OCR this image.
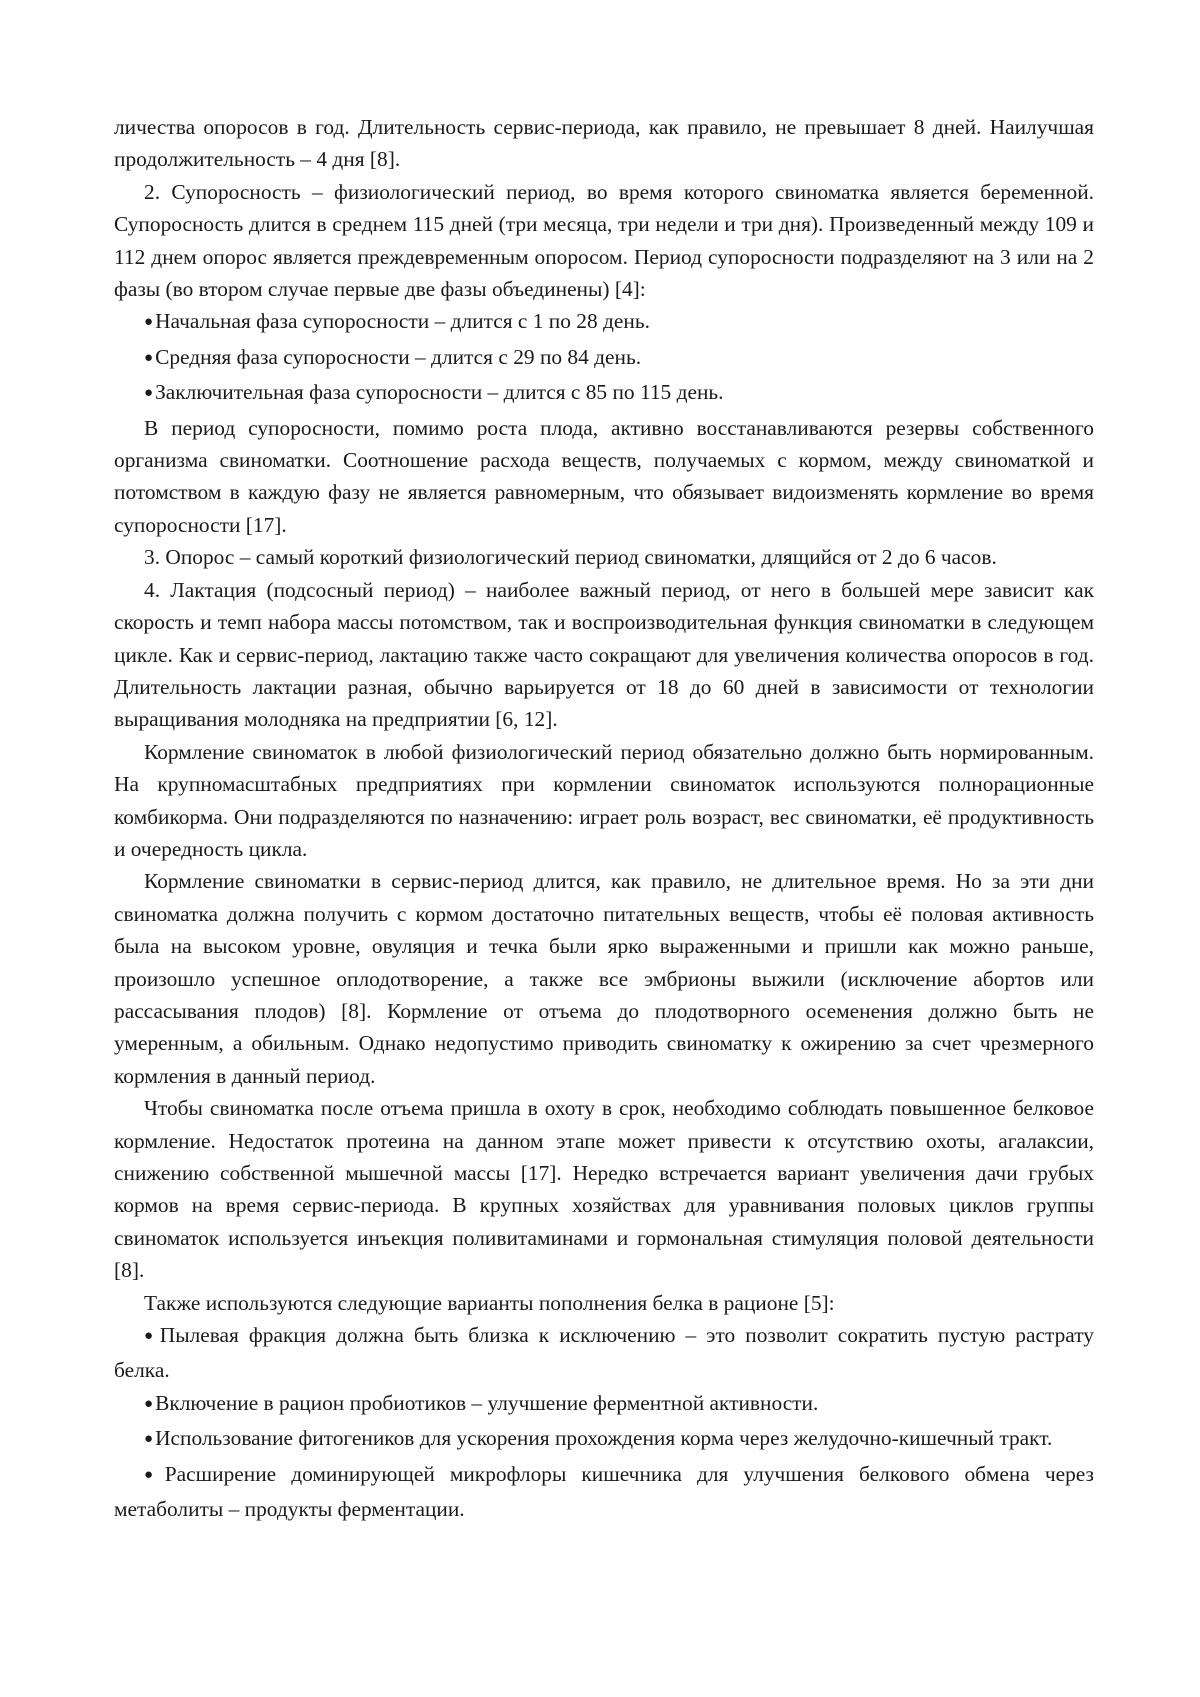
личества опоросов в год. Длительность сервис-периода, как правило, не превышает 8 дней. Наилучшая продолжительность – 4 дня [8].

2. Супоросность – физиологический период, во время которого свиноматка является беременной. Супоросность длится в среднем 115 дней (три месяца, три недели и три дня). Произведенный между 109 и 112 днем опорос является преждевременным опоросом. Период супоросности подразделяют на 3 или на 2 фазы (во втором случае первые две фазы объединены) [4]:

●Начальная фаза супоросности – длится с 1 по 28 день.

●Средняя фаза супоросности – длится с 29 по 84 день.

●Заключительная фаза супоросности – длится с 85 по 115 день.

В период супоросности, помимо роста плода, активно восстанавливаются резервы собственного организма свиноматки. Соотношение расхода веществ, получаемых с кормом, между свиноматкой и потомством в каждую фазу не является равномерным, что обязывает видоизменять кормление во время супоросности [17].

3. Опорос – самый короткий физиологический период свиноматки, длящийся от 2 до 6 часов.

4. Лактация (подсосный период) – наиболее важный период, от него в большей мере зависит как скорость и темп набора массы потомством, так и воспроизводительная функция свиноматки в следующем цикле. Как и сервис-период, лактацию также часто сокращают для увеличения количества опоросов в год. Длительность лактации разная, обычно варьируется от 18 до 60 дней в зависимости от технологии выращивания молодняка на предприятии [6, 12].

Кормление свиноматок в любой физиологический период обязательно должно быть нормированным. На крупномасштабных предприятиях при кормлении свиноматок используются полнорационные комбикорма. Они подразделяются по назначению: играет роль возраст, вес свиноматки, её продуктивность и очередность цикла.

Кормление свиноматки в сервис-период длится, как правило, не длительное время. Но за эти дни свиноматка должна получить с кормом достаточно питательных веществ, чтобы её половая активность была на высоком уровне, овуляция и течка были ярко выраженными и пришли как можно раньше, произошло успешное оплодотворение, а также все эмбрионы выжили (исключение абортов или рассасывания плодов) [8]. Кормление от отъема до плодотворного осеменения должно быть не умеренным, а обильным. Однако недопустимо приводить свиноматку к ожирению за счет чрезмерного кормления в данный период.

Чтобы свиноматка после отъема пришла в охоту в срок, необходимо соблюдать повышенное белковое кормление. Недостаток протеина на данном этапе может привести к отсутствию охоты, агалаксии, снижению собственной мышечной массы [17]. Нередко встречается вариант увеличения дачи грубых кормов на время сервис-периода. В крупных хозяйствах для уравнивания половых циклов группы свиноматок используется инъекция поливитаминами и гормональная стимуляция половой деятельности [8].

Также используются следующие варианты пополнения белка в рационе [5]:

●Пылевая фракция должна быть близка к исключению – это позволит сократить пустую растрату белка.

●Включение в рацион пробиотиков – улучшение ферментной активности.

●Использование фитогеников для ускорения прохождения корма через желудочно-кишечный тракт.

●Расширение доминирующей микрофлоры кишечника для улучшения белкового обмена через метаболиты – продукты ферментации.
